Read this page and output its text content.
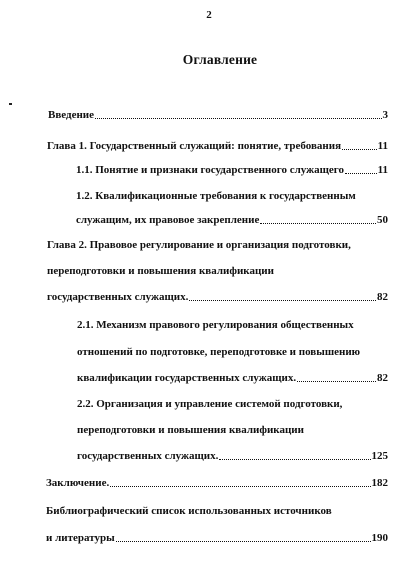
2
Оглавление
Введение	3
Глава 1. Государственный служащий: понятие, требования	11
1.1. Понятие и признаки государственного служащего	11
1.2. Квалификационные требования к государственным
служащим, их правовое закрепление	50
Глава 2. Правовое регулирование и организация подготовки,
переподготовки и повышения квалификации
государственных служащих.	82
2.1. Механизм правового регулирования общественных
отношений по подготовке, переподготовке и повышению
квалификации государственных служащих.	82
2.2. Организация и управление системой подготовки,
переподготовки и повышения квалификации
государственных служащих.	125
Заключение.	182
Библиографический список использованных источников
и литературы	190
